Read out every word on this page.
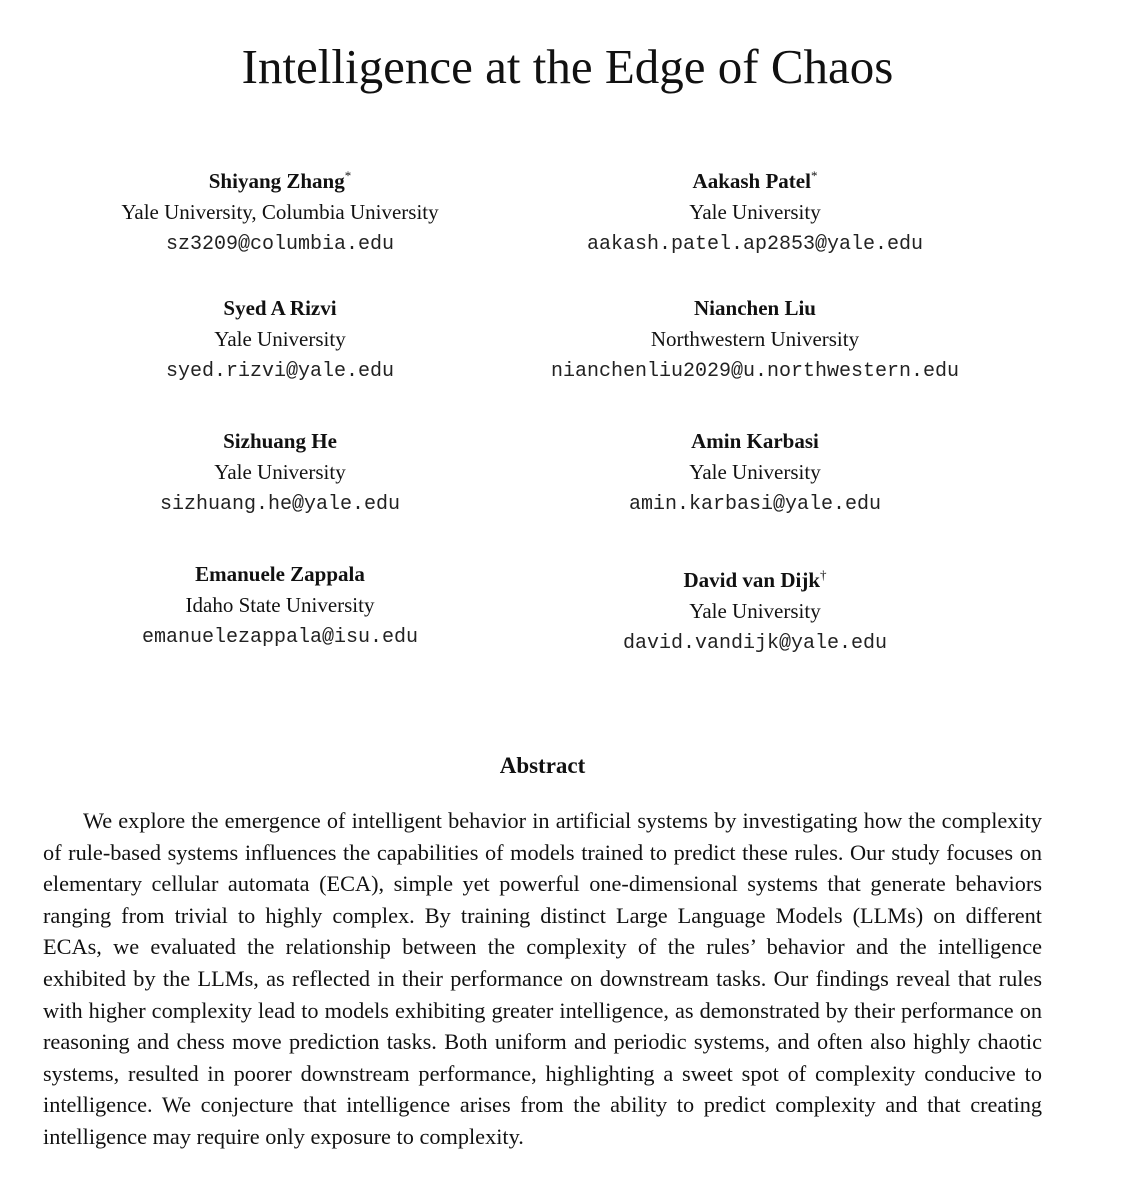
Intelligence at the Edge of Chaos
Shiyang Zhang*
Yale University, Columbia University
sz3209@columbia.edu
Aakash Patel*
Yale University
aakash.patel.ap2853@yale.edu
Syed A Rizvi
Yale University
syed.rizvi@yale.edu
Nianchen Liu
Northwestern University
nianchenliu2029@u.northwestern.edu
Sizhuang He
Yale University
sizhuang.he@yale.edu
Amin Karbasi
Yale University
amin.karbasi@yale.edu
Emanuele Zappala
Idaho State University
emanuelezappala@isu.edu
David van Dijk†
Yale University
david.vandijk@yale.edu
Abstract

We explore the emergence of intelligent behavior in artificial systems by investigating how the complexity of rule-based systems influences the capabilities of models trained to predict these rules. Our study focuses on elementary cellular automata (ECA), simple yet powerful one-dimensional systems that generate behaviors ranging from trivial to highly complex. By training distinct Large Language Models (LLMs) on different ECAs, we evaluated the relationship between the complexity of the rules’ behavior and the intelligence exhibited by the LLMs, as reflected in their performance on downstream tasks. Our findings reveal that rules with higher complexity lead to models exhibiting greater intelligence, as demonstrated by their performance on reasoning and chess move prediction tasks. Both uniform and periodic systems, and often also highly chaotic systems, resulted in poorer downstream performance, highlighting a sweet spot of complexity conducive to intelligence. We conjecture that intelligence arises from the ability to predict complexity and that creating intelligence may require only exposure to complexity.
